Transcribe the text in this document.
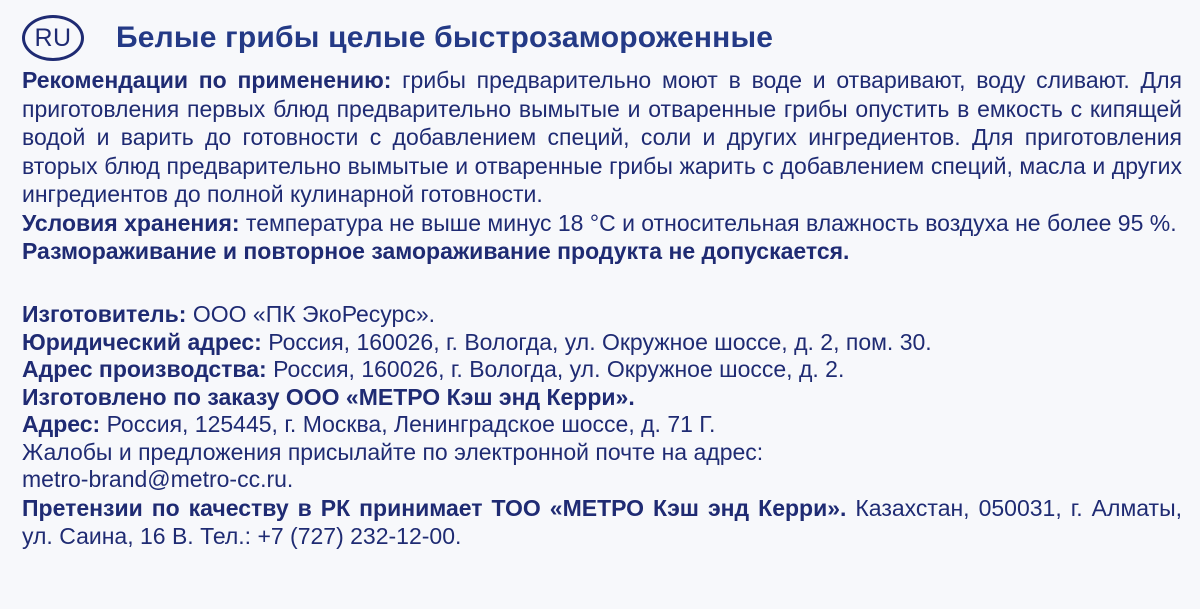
RU	Белые грибы целые быстрозамороженные

Рекомендации по применению: грибы предварительно моют в воде и отваривают, воду сливают. Для приготовления первых блюд предварительно вымытые и отваренные грибы опустить в емкость с кипящей водой и варить до готовности с добавлением специй, соли и других ингредиентов. Для приготовления вторых блюд предварительно вымытые и отваренные грибы жарить с добавлением специй, масла и других ингредиентов до полной кулинарной готовности.

Условия хранения: температура не выше минус 18 °С и относительная влажность воздуха не более 95 %.

Размораживание и повторное замораживание продукта не допускается.

Изготовитель: ООО «ПК ЭкоРесурс».

Юридический адрес: Россия, 160026, г. Вологда, ул. Окружное шоссе, д. 2, пом. 30.

Адрес производства: Россия, 160026, г. Вологда, ул. Окружное шоссе, д. 2.

Изготовлено по заказу ООО «МЕТРО Кэш энд Керри».

Адрес: Россия, 125445, г. Москва, Ленинградское шоссе, д. 71 Г.

Жалобы и предложения присылайте по электронной почте на адрес:

metro-brand@metro-cc.ru.

Претензии по качеству в РК принимает ТОО «МЕТРО Кэш энд Керри». Казахстан, 050031, г. Алматы, ул. Саина, 16 В. Тел.: +7 (727) 232-12-00.
